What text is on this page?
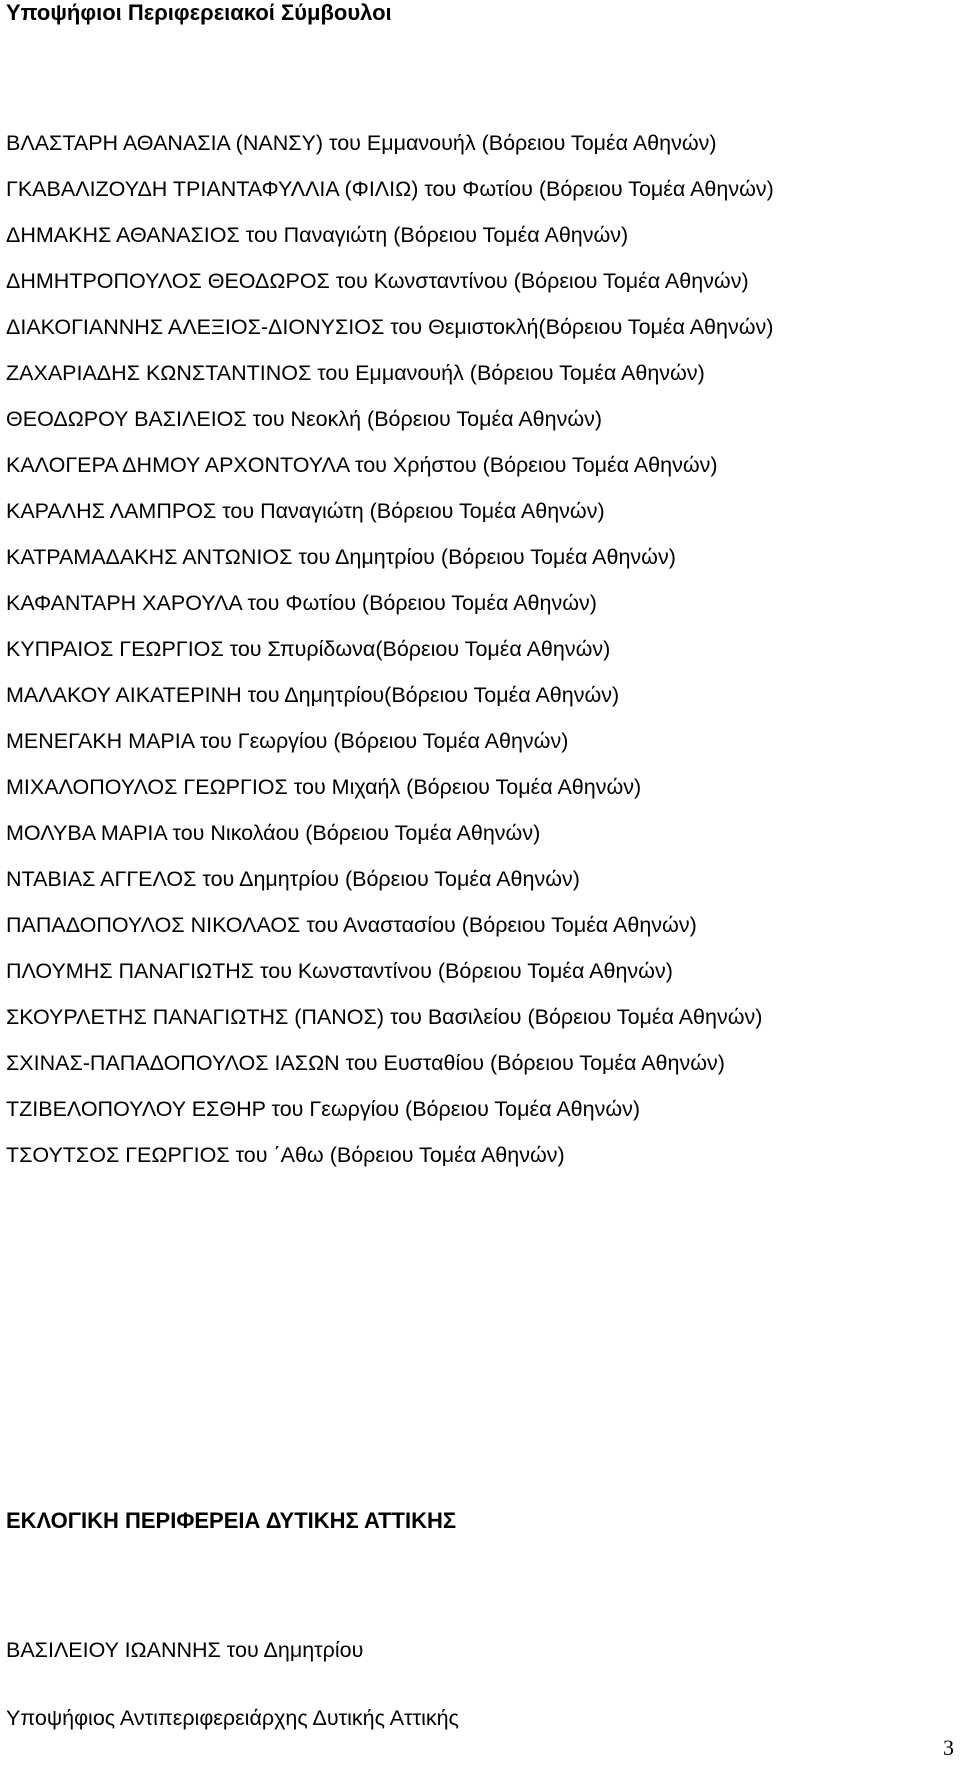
Υποψήφιοι Περιφερειακοί Σύμβουλοι
ΒΛΑΣΤΑΡΗ ΑΘΑΝΑΣΙΑ (ΝΑΝΣΥ) του Εμμανουήλ (Βόρειου Τομέα Αθηνών)
ΓΚΑΒΑΛΙΖΟΥΔΗ ΤΡΙΑΝΤΑΦΥΛΛΙΑ (ΦΙΛΙΩ) του Φωτίου (Βόρειου Τομέα Αθηνών)
ΔΗΜΑΚΗΣ ΑΘΑΝΑΣΙΟΣ του Παναγιώτη (Βόρειου Τομέα Αθηνών)
ΔΗΜΗΤΡΟΠΟΥΛΟΣ ΘΕΟΔΩΡΟΣ του Κωνσταντίνου (Βόρειου Τομέα Αθηνών)
ΔΙΑΚΟΓΙΑΝΝΗΣ ΑΛΕΞΙΟΣ-ΔΙΟΝΥΣΙΟΣ του Θεμιστοκλή(Βόρειου Τομέα Αθηνών)
ΖΑΧΑΡΙΑΔΗΣ ΚΩΝΣΤΑΝΤΙΝΟΣ του Εμμανουήλ (Βόρειου Τομέα Αθηνών)
ΘΕΟΔΩΡΟΥ ΒΑΣΙΛΕΙΟΣ του Νεοκλή (Βόρειου Τομέα Αθηνών)
ΚΑΛΟΓΕΡΑ ΔΗΜΟΥ ΑΡΧΟΝΤΟΥΛΑ του Χρήστου (Βόρειου Τομέα Αθηνών)
ΚΑΡΑΛΗΣ ΛΑΜΠΡΟΣ του Παναγιώτη (Βόρειου Τομέα Αθηνών)
ΚΑΤΡΑΜΑΔΑΚΗΣ ΑΝΤΩΝΙΟΣ του Δημητρίου (Βόρειου Τομέα Αθηνών)
ΚΑΦΑΝΤΑΡΗ ΧΑΡΟΥΛΑ του Φωτίου (Βόρειου Τομέα Αθηνών)
ΚΥΠΡΑΙΟΣ ΓΕΩΡΓΙΟΣ του Σπυρίδωνα(Βόρειου Τομέα Αθηνών)
ΜΑΛΑΚΟΥ ΑΙΚΑΤΕΡΙΝΗ του Δημητρίου(Βόρειου Τομέα Αθηνών)
ΜΕΝΕΓΑΚΗ ΜΑΡΙΑ του Γεωργίου (Βόρειου Τομέα Αθηνών)
ΜΙΧΑΛΟΠΟΥΛΟΣ ΓΕΩΡΓΙΟΣ του Μιχαήλ (Βόρειου Τομέα Αθηνών)
ΜΟΛΥΒΑ ΜΑΡΙΑ του Νικολάου (Βόρειου Τομέα Αθηνών)
ΝΤΑΒΙΑΣ ΑΓΓΕΛΟΣ του Δημητρίου (Βόρειου Τομέα Αθηνών)
ΠΑΠΑΔΟΠΟΥΛΟΣ ΝΙΚΟΛΑΟΣ του Αναστασίου (Βόρειου Τομέα Αθηνών)
ΠΛΟΥΜΗΣ ΠΑΝΑΓΙΩΤΗΣ του Κωνσταντίνου (Βόρειου Τομέα Αθηνών)
ΣΚΟΥΡΛΕΤΗΣ ΠΑΝΑΓΙΩΤΗΣ (ΠΑΝΟΣ) του Βασιλείου (Βόρειου Τομέα Αθηνών)
ΣΧΙΝΑΣ-ΠΑΠΑΔΟΠΟΥΛΟΣ ΙΑΣΩΝ του Ευσταθίου (Βόρειου Τομέα Αθηνών)
ΤΖΙΒΕΛΟΠΟΥΛΟΥ ΕΣΘΗΡ του Γεωργίου (Βόρειου Τομέα Αθηνών)
ΤΣΟΥΤΣΟΣ ΓΕΩΡΓΙΟΣ του ΄Αθω (Βόρειου Τομέα Αθηνών)
ΕΚΛΟΓΙΚΗ ΠΕΡΙΦΕΡΕΙΑ ΔΥΤΙΚΗΣ ΑΤΤΙΚΗΣ

ΒΑΣΙΛΕΙΟΥ ΙΩΑΝΝΗΣ του Δημητρίου

Υποψήφιος Αντιπεριφερειάρχης Δυτικής Αττικής

3
